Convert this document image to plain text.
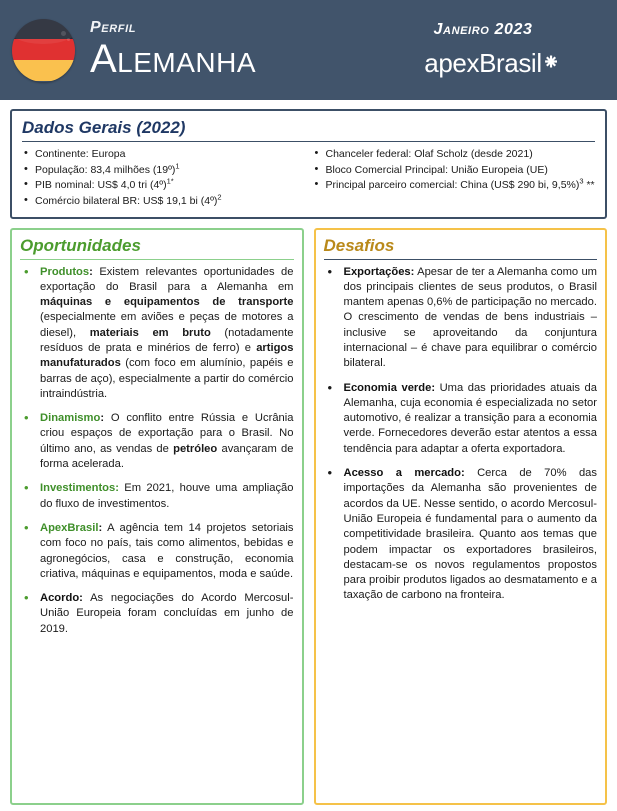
Perfil
Alemanha
Janeiro 2023
apexBrasil
Dados Gerais (2022)
• Continente: Europa
• População: 83,4 milhões (19º)$^1$
• PIB nominal: US$ 4,0 tri (4º)$^{1*}$
• Comércio bilateral BR: US$ 19,1 bi (4º)$^2$
• Chanceler federal: Olaf Scholz (desde 2021)
• Bloco Comercial Principal: União Europeia (UE)
• Principal parceiro comercial: China (US$ 290 bi, 9,5%)$^3$ **
Oportunidades
• Produtos: Existem relevantes oportunidades de exportação do Brasil para a Alemanha em máquinas e equipamentos de transporte (especialmente em aviões e peças de motores a diesel), materiais em bruto (notadamente resíduos de prata e minérios de ferro) e artigos manufaturados (com foco em alumínio, papéis e barras de aço), especialmente a partir do comércio intraindústria.
• Dinamismo: O conflito entre Rússia e Ucrânia criou espaços de exportação para o Brasil. No último ano, as vendas de petróleo avançaram de forma acelerada.
• Investimentos: Em 2021, houve uma ampliação do fluxo de investimentos.
• ApexBrasil: A agência tem 14 projetos setoriais com foco no país, tais como alimentos, bebidas e agronegócios, casa e construção, economia criativa, máquinas e equipamentos, moda e saúde.
• Acordo: As negociações do Acordo Mercosul-União Europeia foram concluídas em junho de 2019.
Desafios
• Exportações: Apesar de ter a Alemanha como um dos principais clientes de seus produtos, o Brasil mantem apenas 0,6% de participação no mercado. O crescimento de vendas de bens industriais – inclusive se aproveitando da conjuntura internacional – é chave para equilibrar o comércio bilateral.
• Economia verde: Uma das prioridades atuais da Alemanha, cuja economia é especializada no setor automotivo, é realizar a transição para a economia verde. Fornecedores deverão estar atentos a essa tendência para adaptar a oferta exportadora.
• Acesso a mercado: Cerca de 70% das importações da Alemanha são provenientes de acordos da UE. Nesse sentido, o acordo Mercosul-União Europeia é fundamental para o aumento da competitividade brasileira. Quanto aos temas que podem impactar os exportadores brasileiros, destacam-se os novos regulamentos propostos para proibir produtos ligados ao desmatamento e a taxação de carbono na fronteira.
